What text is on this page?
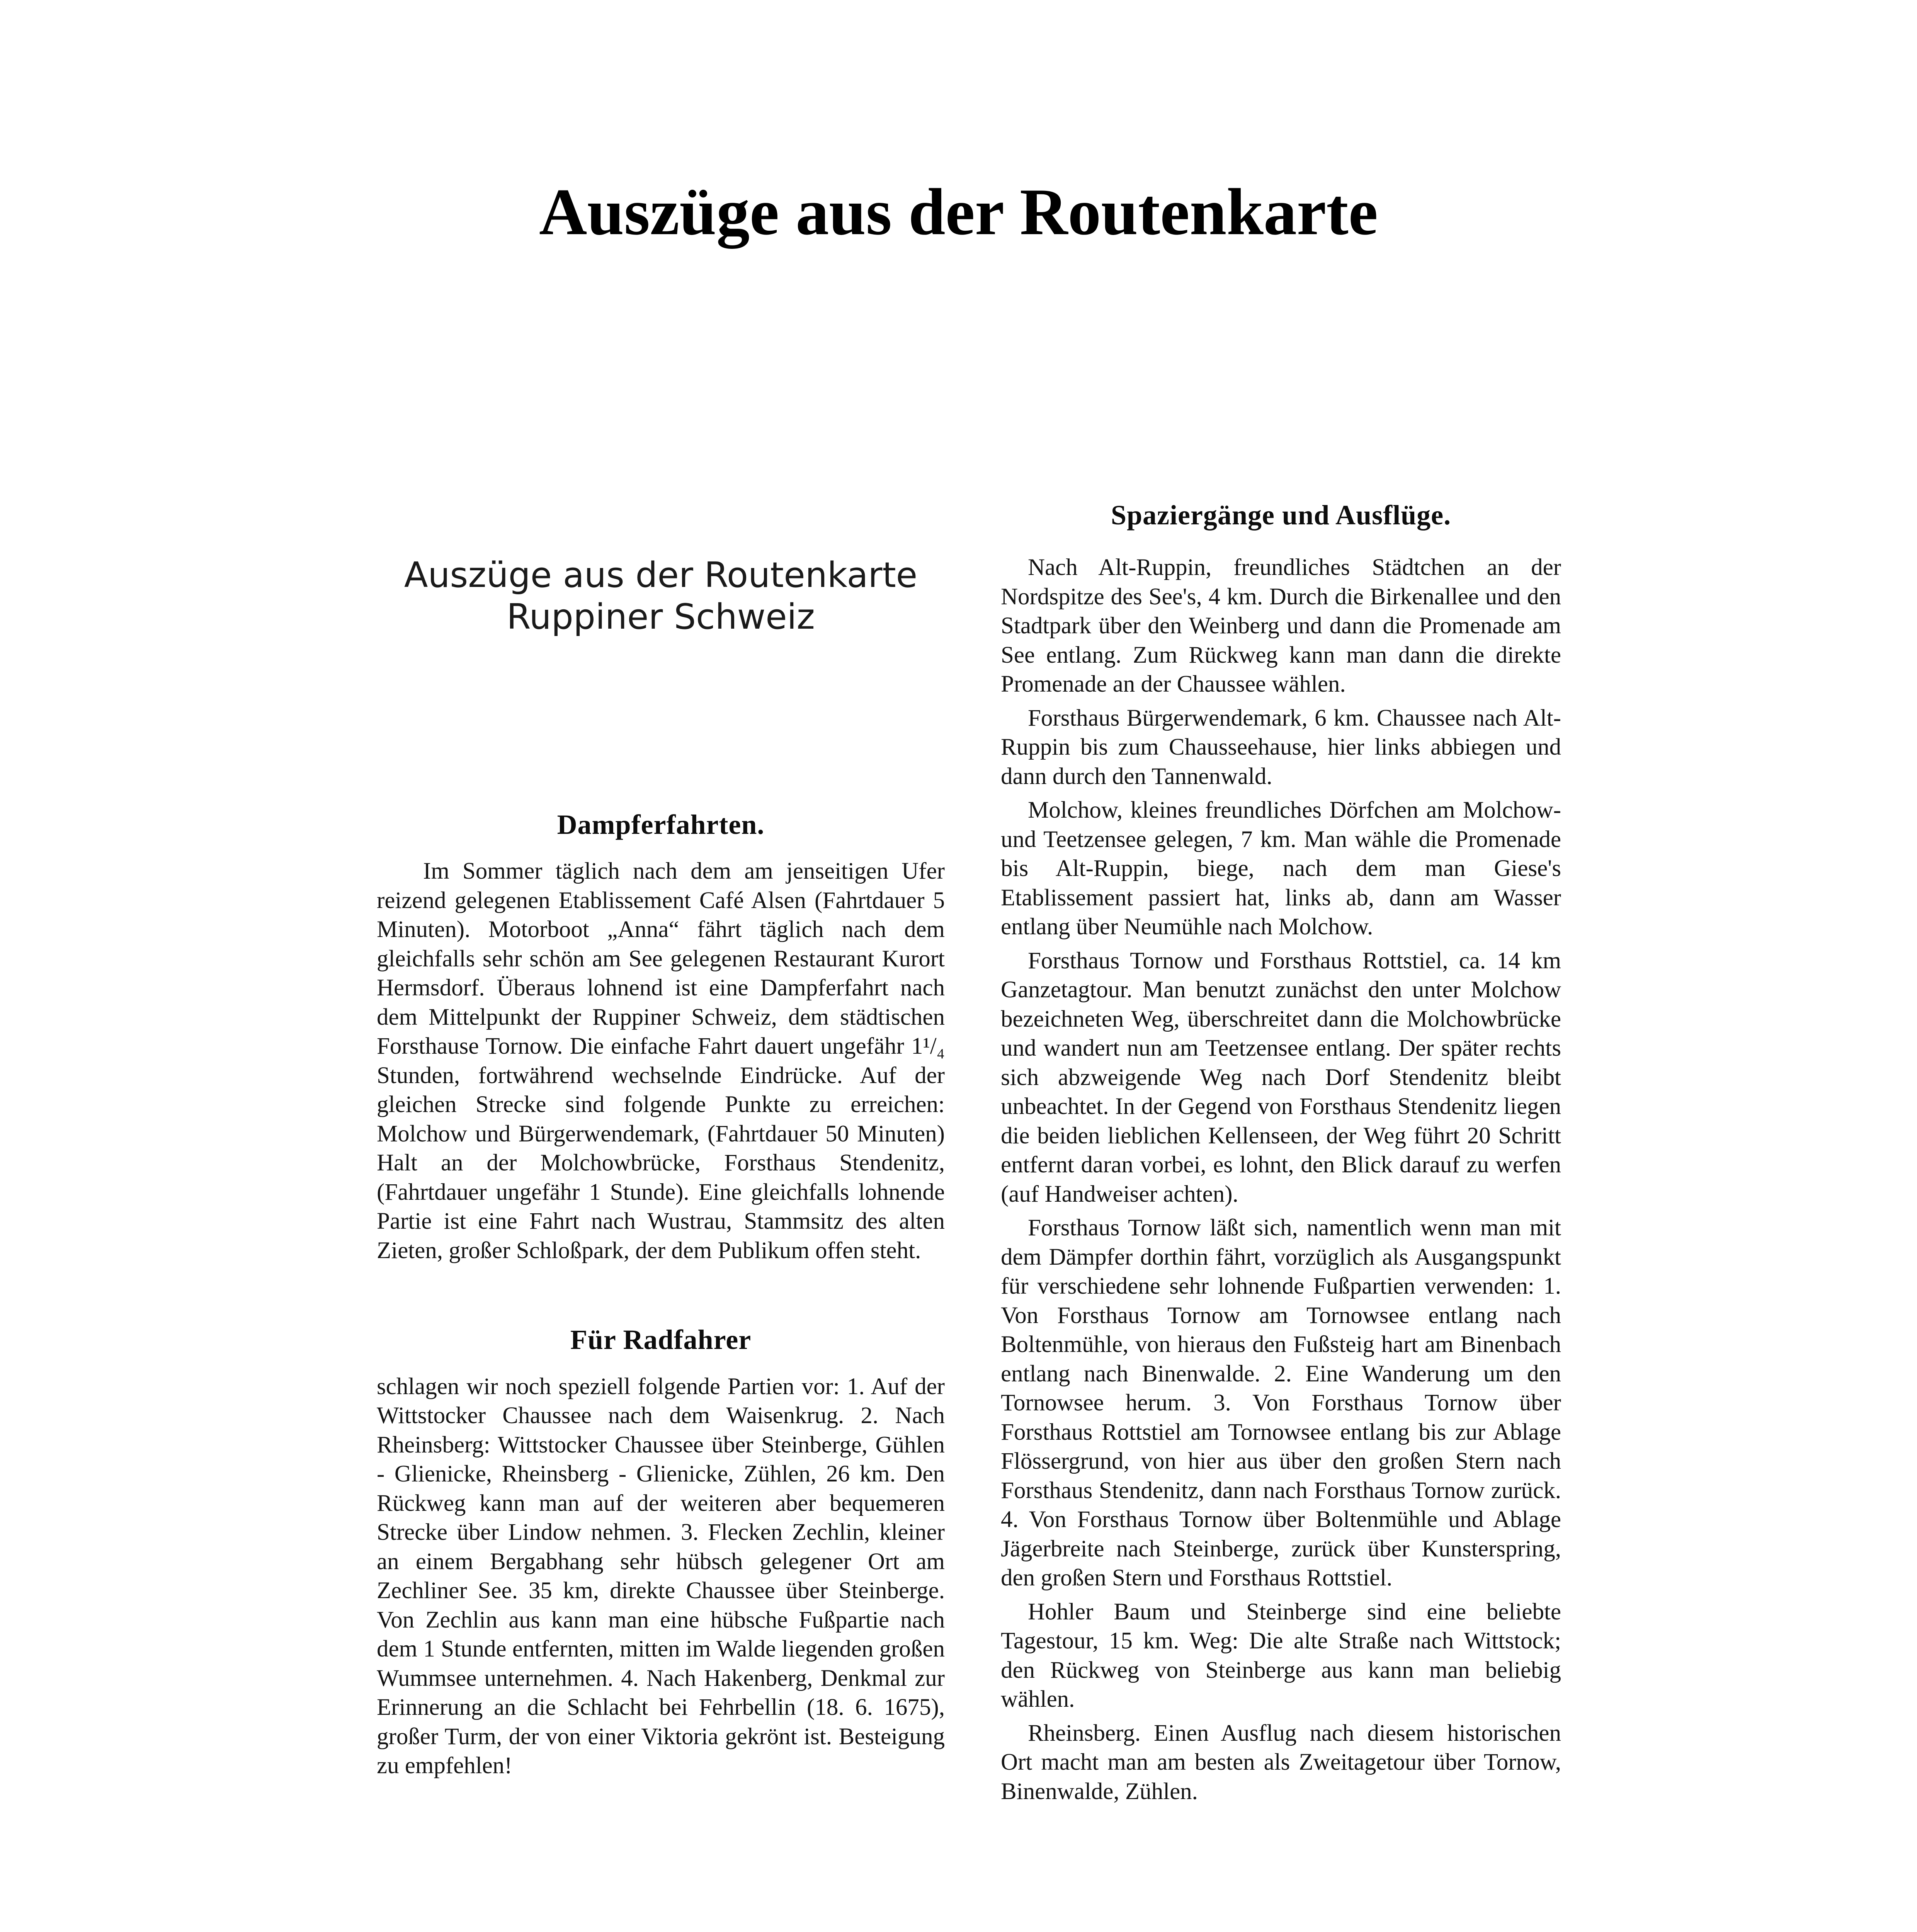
Auszüge aus der Routenkarte
Auszüge aus der Routenkarte
Ruppiner Schweiz
Dampferfahrten.

Im Sommer täglich nach dem am jenseitigen Ufer reizend gelegenen Etablissement Café Alsen (Fahrtdauer 5 Minuten). Motorboot „Anna“ fährt täglich nach dem gleichfalls sehr schön am See gelegenen Restaurant Kurort Hermsdorf. Überaus lohnend ist eine Dampferfahrt nach dem Mittelpunkt der Ruppiner Schweiz, dem städtischen Forsthause Tornow. Die einfache Fahrt dauert ungefähr 1¹/₄ Stunden, fortwährend wechselnde Eindrücke. Auf der gleichen Strecke sind folgende Punkte zu erreichen: Molchow und Bürgerwendemark, (Fahrtdauer 50 Minuten) Halt an der Molchowbrücke, Forsthaus Stendenitz, (Fahrtdauer ungefähr 1 Stunde). Eine gleichfalls lohnende Partie ist eine Fahrt nach Wustrau, Stammsitz des alten Zieten, großer Schloßpark, der dem Publikum offen steht.

Für Radfahrer

schlagen wir noch speziell folgende Partien vor: 1. Auf der Wittstocker Chaussee nach dem Waisenkrug. 2. Nach Rheinsberg: Wittstocker Chaussee über Steinberge, Gühlen - Glienicke, Rheinsberg - Glienicke, Zühlen, 26 km. Den Rückweg kann man auf der weiteren aber bequemeren Strecke über Lindow nehmen. 3. Flecken Zechlin, kleiner an einem Bergabhang sehr hübsch gelegener Ort am Zechliner See. 35 km, direkte Chaussee über Steinberge. Von Zechlin aus kann man eine hübsche Fußpartie nach dem 1 Stunde entfernten, mitten im Walde liegenden großen Wummsee unternehmen. 4. Nach Hakenberg, Denkmal zur Erinnerung an die Schlacht bei Fehrbellin (18. 6. 1675), großer Turm, der von einer Viktoria gekrönt ist. Besteigung zu empfehlen!

Spaziergänge und Ausflüge.

Nach Alt-Ruppin, freundliches Städtchen an der Nordspitze des See's, 4 km. Durch die Birkenallee und den Stadtpark über den Weinberg und dann die Promenade am See entlang. Zum Rückweg kann man dann die direkte Promenade an der Chaussee wählen.

Forsthaus Bürgerwendemark, 6 km. Chaussee nach Alt-Ruppin bis zum Chausseehause, hier links abbiegen und dann durch den Tannenwald.

Molchow, kleines freundliches Dörfchen am Molchow- und Teetzensee gelegen, 7 km. Man wähle die Promenade bis Alt-Ruppin, biege, nach dem man Giese's Etablissement passiert hat, links ab, dann am Wasser entlang über Neumühle nach Molchow.

Forsthaus Tornow und Forsthaus Rottstiel, ca. 14 km Ganzetagtour. Man benutzt zunächst den unter Molchow bezeichneten Weg, überschreitet dann die Molchowbrücke und wandert nun am Teetzensee entlang. Der später rechts sich abzweigende Weg nach Dorf Stendenitz bleibt unbeachtet. In der Gegend von Forsthaus Stendenitz liegen die beiden lieblichen Kellenseen, der Weg führt 20 Schritt entfernt daran vorbei, es lohnt, den Blick darauf zu werfen (auf Handweiser achten).

Forsthaus Tornow läßt sich, namentlich wenn man mit dem Dämpfer dorthin fährt, vorzüglich als Ausgangspunkt für verschiedene sehr lohnende Fußpartien verwenden: 1. Von Forsthaus Tornow am Tornowsee entlang nach Boltenmühle, von hieraus den Fußsteig hart am Binenbach entlang nach Binenwalde. 2. Eine Wanderung um den Tornowsee herum. 3. Von Forsthaus Tornow über Forsthaus Rottstiel am Tornowsee entlang bis zur Ablage Flössergrund, von hier aus über den großen Stern nach Forsthaus Stendenitz, dann nach Forsthaus Tornow zurück. 4. Von Forsthaus Tornow über Boltenmühle und Ablage Jägerbreite nach Steinberge, zurück über Kunsterspring, den großen Stern und Forsthaus Rottstiel.

Hohler Baum und Steinberge sind eine beliebte Tagestour, 15 km. Weg: Die alte Straße nach Wittstock; den Rückweg von Steinberge aus kann man beliebig wählen.

Rheinsberg. Einen Ausflug nach diesem historischen Ort macht man am besten als Zweitagetour über Tornow, Binenwalde, Zühlen.
